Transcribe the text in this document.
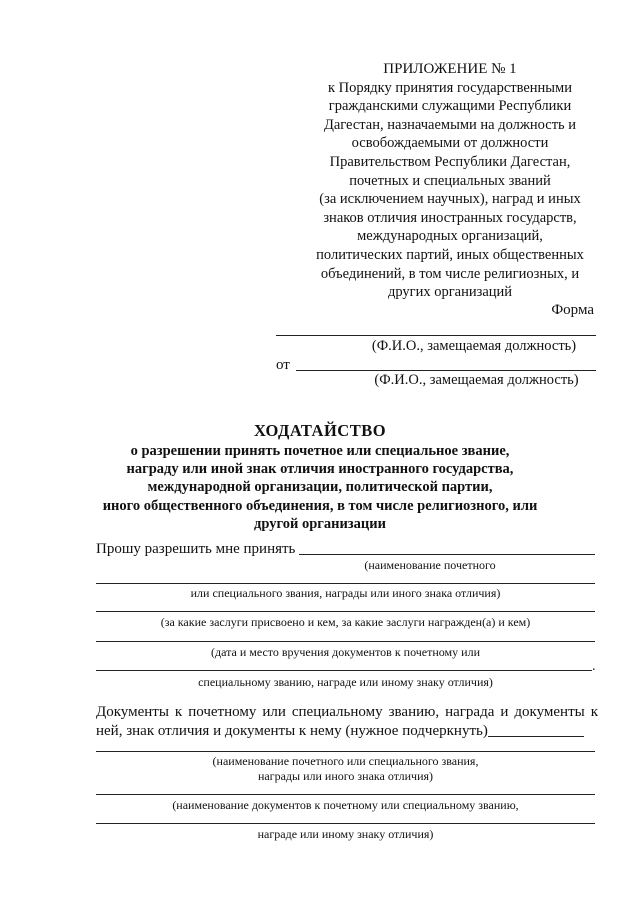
ПРИЛОЖЕНИЕ № 1
к Порядку принятия государственными
гражданскими служащими Республики
Дагестан, назначаемыми на должность и
освобождаемыми от должности
Правительством Республики Дагестан,
почетных и специальных званий
(за исключением научных), наград и иных
знаков отличия иностранных государств,
международных организаций,
политических партий, иных общественных
объединений, в том числе религиозных, и
других организаций
Форма
(Ф.И.О., замещаемая должность)
от
(Ф.И.О., замещаемая должность)
ХОДАТАЙСТВО
о разрешении принять почетное или специальное звание,
награду или иной знак отличия иностранного государства,
международной организации, политической партии,
иного общественного объединения, в том числе религиозного, или
другой организации
Прошу разрешить мне принять
(наименование почетного
или специального звания, награды или иного знака отличия)
(за какие заслуги присвоено и кем, за какие заслуги награжден(а) и кем)
(дата и место вручения документов к почетному или
.
специальному званию, награде или иному знаку отличия)
Документы к почетному или специальному званию, награда и документы к
ней, знак отличия и документы к нему (нужное подчеркнуть)
(наименование почетного или специального звания,
награды или иного знака отличия)
(наименование документов к почетному или специальному званию,
награде или иному знаку отличия)
